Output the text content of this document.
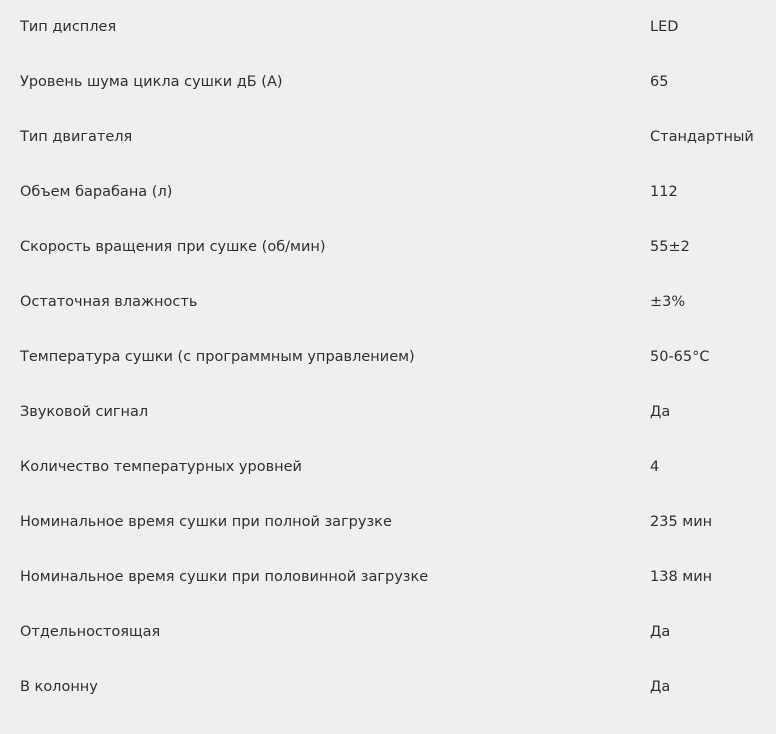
Тип дисплея	LED
Уровень шума цикла сушки дБ (А)	65
Тип двигателя	Стандартный
Объем барабана (л)	112
Скорость вращения при сушке (об/мин)	55±2
Остаточная влажность	±3%
Температура сушки (с программным управлением)	50-65°C
Звуковой сигнал	Да
Количество температурных уровней	4
Номинальное время сушки при полной загрузке	235 мин
Номинальное время сушки при половинной загрузке	138 мин
Отдельностоящая	Да
В колонну	Да
